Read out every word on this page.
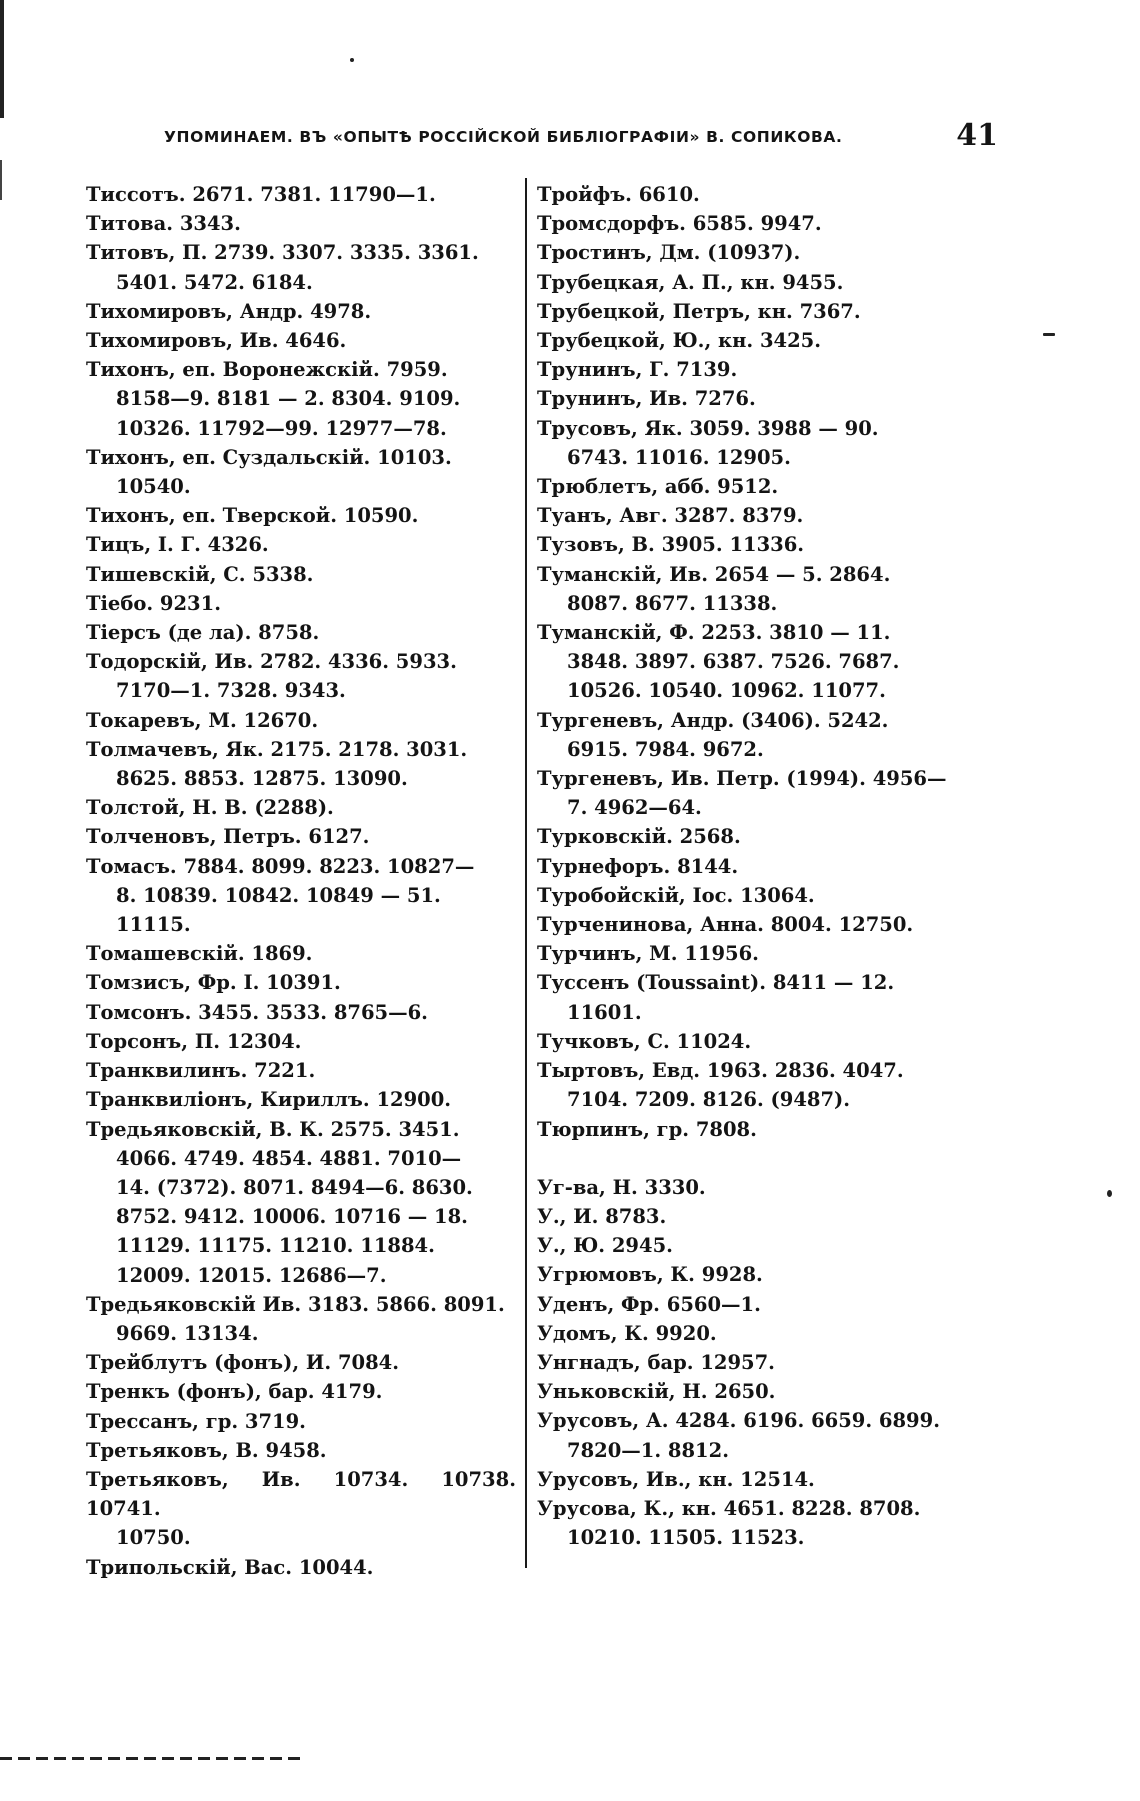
УПОМИНАЕМ. ВЪ «ОПЫТѢ РОССІЙСКОЙ БИБЛІОГРАФІИ» В. СОПИКОВА.	41
Тиссотъ. 2671. 7381. 11790—1.
Титова. 3343.
Титовъ, П. 2739. 3307. 3335. 3361.
5401. 5472. 6184.
Тихомировъ, Андр. 4978.
Тихомировъ, Ив. 4646.
Тихонъ, еп. Воронежскій. 7959.
8158—9. 8181 — 2. 8304. 9109.
10326. 11792—99. 12977—78.
Тихонъ, еп. Суздальскій. 10103.
10540.
Тихонъ, еп. Тверской. 10590.
Тицъ, І. Г. 4326.
Тишевскій, С. 5338.
Тіебо. 9231.
Тіерсъ (де ла). 8758.
Тодорскій, Ив. 2782. 4336. 5933.
7170—1. 7328. 9343.
Токаревъ, М. 12670.
Толмачевъ, Як. 2175. 2178. 3031.
8625. 8853. 12875. 13090.
Толстой, Н. В. (2288).
Толченовъ, Петръ. 6127.
Томасъ. 7884. 8099. 8223. 10827—
8. 10839. 10842. 10849 — 51.
11115.
Томашевскій. 1869.
Томзисъ, Фр. І. 10391.
Томсонъ. 3455. 3533. 8765—6.
Торсонъ, П. 12304.
Транквилинъ. 7221.
Транквиліонъ, Кириллъ. 12900.
Тредьяковскій, В. К. 2575. 3451.
4066. 4749. 4854. 4881. 7010—
14. (7372). 8071. 8494—6. 8630.
8752. 9412. 10006. 10716 — 18.
11129. 11175. 11210. 11884.
12009. 12015. 12686—7.
Тредьяковскій Ив. 3183. 5866. 8091.
9669. 13134.
Трейблутъ (фонъ), И. 7084.
Тренкъ (фонъ), бар. 4179.
Трессанъ, гр. 3719.
Третьяковъ, В. 9458.
Третьяковъ, Ив. 10734. 10738. 10741.
10750.
Трипольскій, Вас. 10044.
Тройфъ. 6610.
Тромсдорфъ. 6585. 9947.
Тростинъ, Дм. (10937).
Трубецкая, А. П., кн. 9455.
Трубецкой, Петръ, кн. 7367.
Трубецкой, Ю., кн. 3425.
Трунинъ, Г. 7139.
Трунинъ, Ив. 7276.
Трусовъ, Як. 3059. 3988 — 90.
6743. 11016. 12905.
Трюблетъ, абб. 9512.
Туанъ, Авг. 3287. 8379.
Тузовъ, В. 3905. 11336.
Туманскій, Ив. 2654 — 5. 2864.
8087. 8677. 11338.
Туманскій, Ф. 2253. 3810 — 11.
3848. 3897. 6387. 7526. 7687.
10526. 10540. 10962. 11077.
Тургеневъ, Андр. (3406). 5242.
6915. 7984. 9672.
Тургеневъ, Ив. Петр. (1994). 4956—
7. 4962—64.
Турковскій. 2568.
Турнефоръ. 8144.
Туробойскій, Іос. 13064.
Турченинова, Анна. 8004. 12750.
Турчинъ, М. 11956.
Туссенъ (Toussaint). 8411 — 12.
11601.
Тучковъ, С. 11024.
Тыртовъ, Евд. 1963. 2836. 4047.
7104. 7209. 8126. (9487).
Тюрпинъ, гр. 7808.
Уг-ва, Н. 3330.
У., И. 8783.
У., Ю. 2945.
Угрюмовъ, К. 9928.
Уденъ, Фр. 6560—1.
Удомъ, К. 9920.
Унгнадъ, бар. 12957.
Уньковскій, Н. 2650.
Урусовъ, А. 4284. 6196. 6659. 6899.
7820—1. 8812.
Урусовъ, Ив., кн. 12514.
Урусова, К., кн. 4651. 8228. 8708.
10210. 11505. 11523.
